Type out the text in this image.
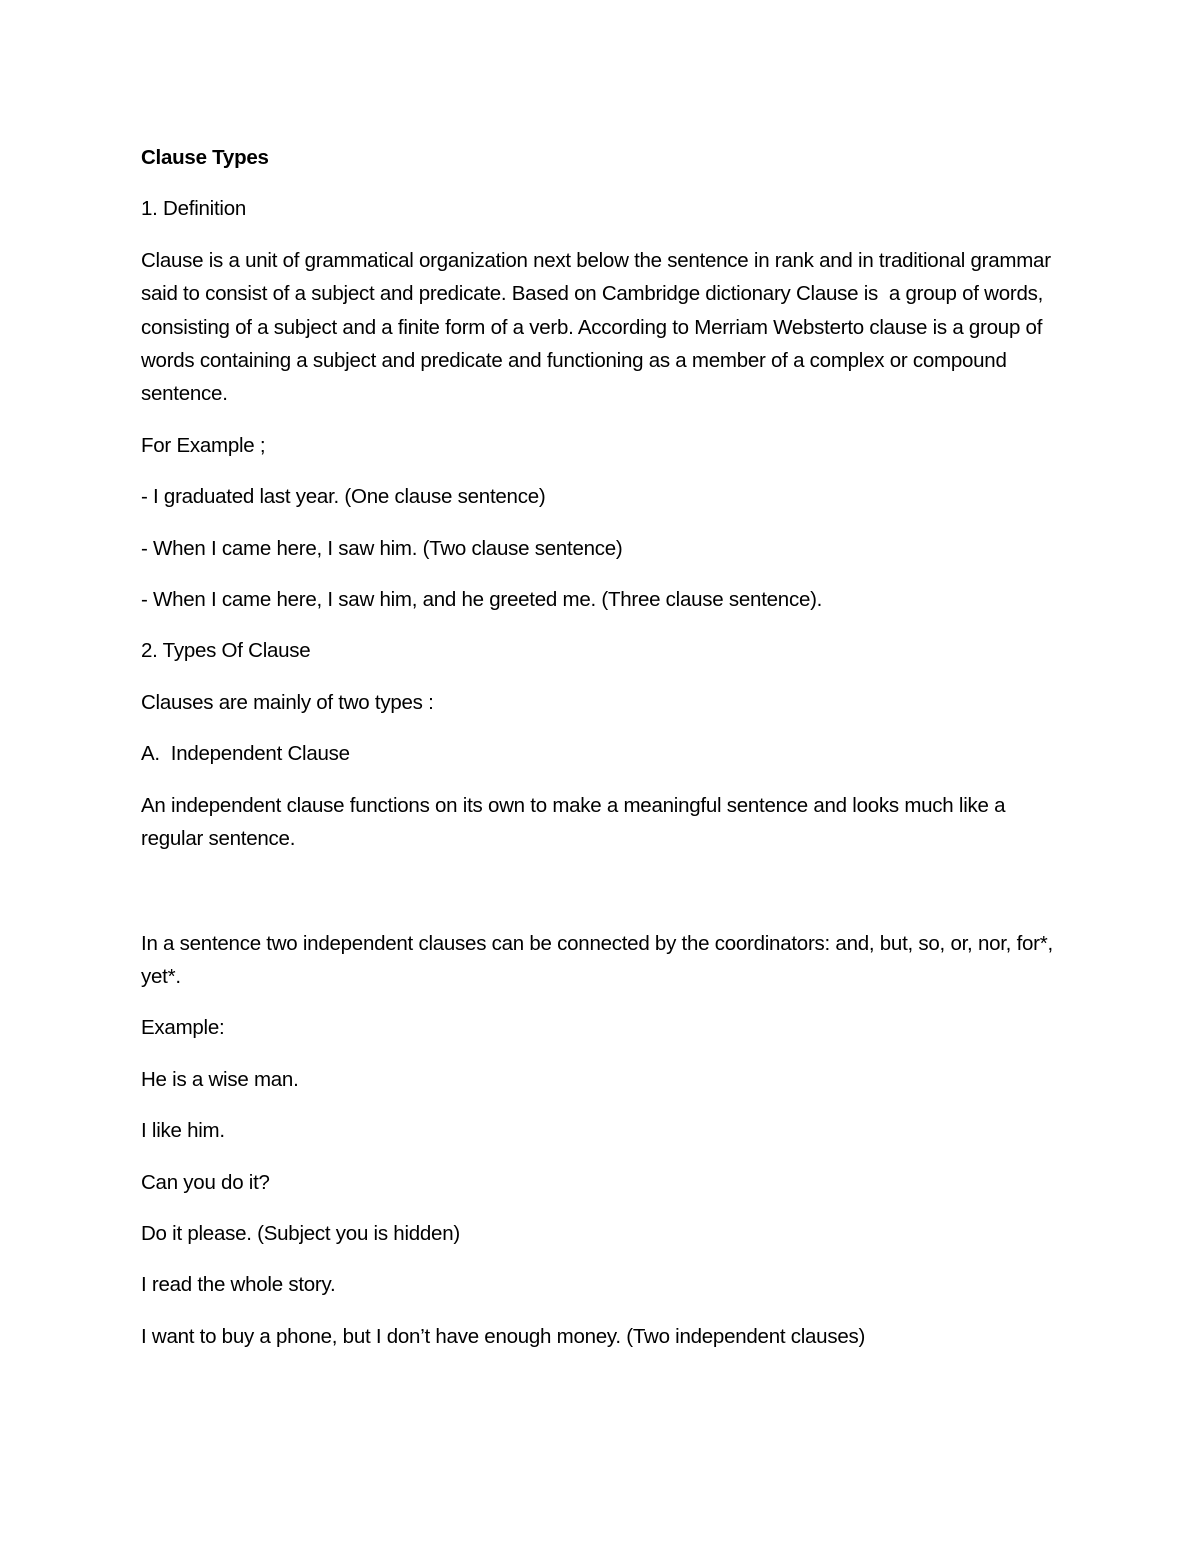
Clause Types

1. Definition

Clause is a unit of grammatical organization next below the sentence in rank and in traditional grammar said to consist of a subject and predicate. Based on Cambridge dictionary Clause is  a group of words, consisting of a subject and a finite form of a verb. According to Merriam Websterto clause is a group of words containing a subject and predicate and functioning as a member of a complex or compound sentence.

For Example ;

- I graduated last year. (One clause sentence)

- When I came here, I saw him. (Two clause sentence)

- When I came here, I saw him, and he greeted me. (Three clause sentence).

2. Types Of Clause

Clauses are mainly of two types :

A.  Independent Clause

An independent clause functions on its own to make a meaningful sentence and looks much like a regular sentence.

In a sentence two independent clauses can be connected by the coordinators: and, but, so, or, nor, for*, yet*.

Example:

He is a wise man.

I like him.

Can you do it?

Do it please. (Subject you is hidden)

I read the whole story.

I want to buy a phone, but I don’t have enough money. (Two independent clauses)
